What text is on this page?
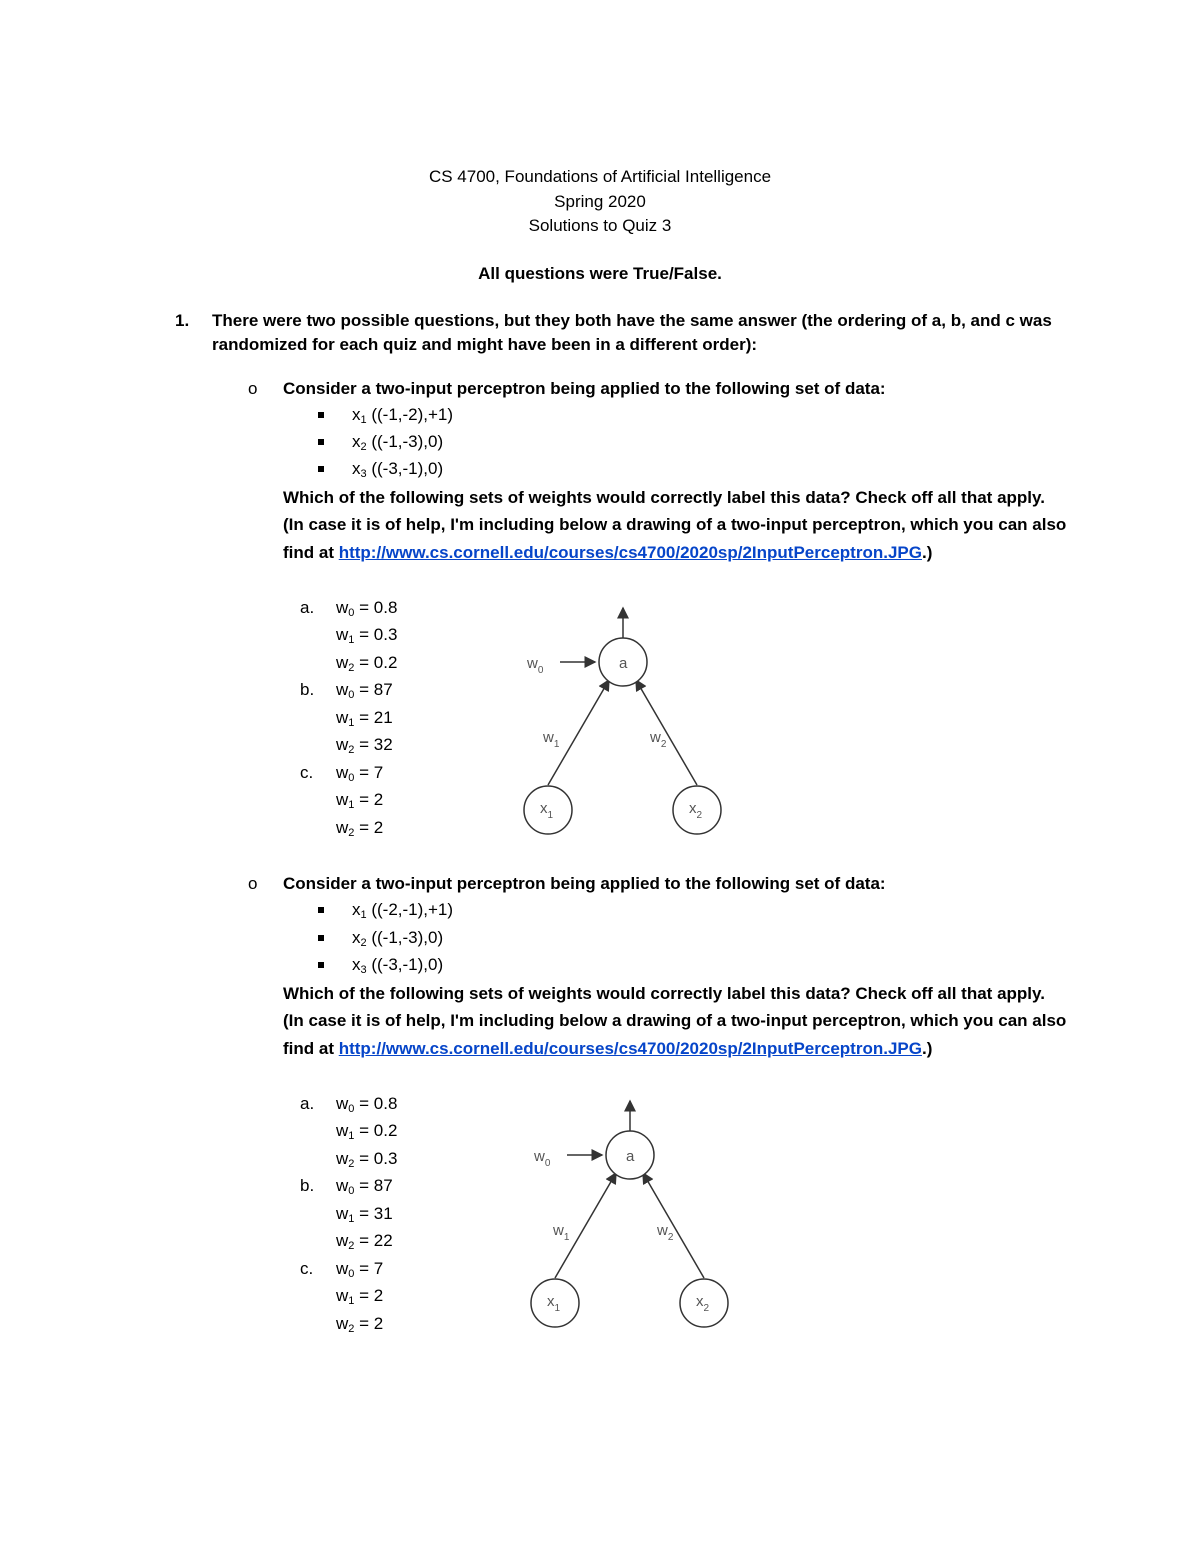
CS 4700, Foundations of Artificial Intelligence
Spring 2020
Solutions to Quiz 3
All questions were True/False.
1. There were two possible questions, but they both have the same answer (the ordering of a, b, and c was
randomized for each quiz and might have been in a different order):
o Consider a two-input perceptron being applied to the following set of data:
$x_1$ ((-1,-2),+1)
$x_2$ ((-1,-3),0)
$x_3$ ((-3,-1),0)
Which of the following sets of weights would correctly label this data? Check off all that apply.
(In case it is of help, I'm including below a drawing of a two-input perceptron, which you can also
find at http://www.cs.cornell.edu/courses/cs4700/2020sp/2InputPerceptron.JPG.)
a. $w_0 = 0.8$
$w_1 = 0.3$
$w_2 = 0.2$
b. $w_0 = 87$
$w_1 = 21$
$w_2 = 32$
c. $w_0 = 7$
$w_1 = 2$
$w_2 = 2$
a
$w_0$
$w_1$	$w_2$
$x_1$	$x_2$
o Consider a two-input perceptron being applied to the following set of data:
$x_1$ ((-2,-1),+1)
$x_2$ ((-1,-3),0)
$x_3$ ((-3,-1),0)
Which of the following sets of weights would correctly label this data? Check off all that apply.
(In case it is of help, I'm including below a drawing of a two-input perceptron, which you can also
find at http://www.cs.cornell.edu/courses/cs4700/2020sp/2InputPerceptron.JPG.)
a. $w_0 = 0.8$
$w_1 = 0.2$
$w_2 = 0.3$
b. $w_0 = 87$
$w_1 = 31$
$w_2 = 22$
c. $w_0 = 7$
$w_1 = 2$
$w_2 = 2$
a
$w_0$
$w_1$	$w_2$
$x_1$	$x_2$
